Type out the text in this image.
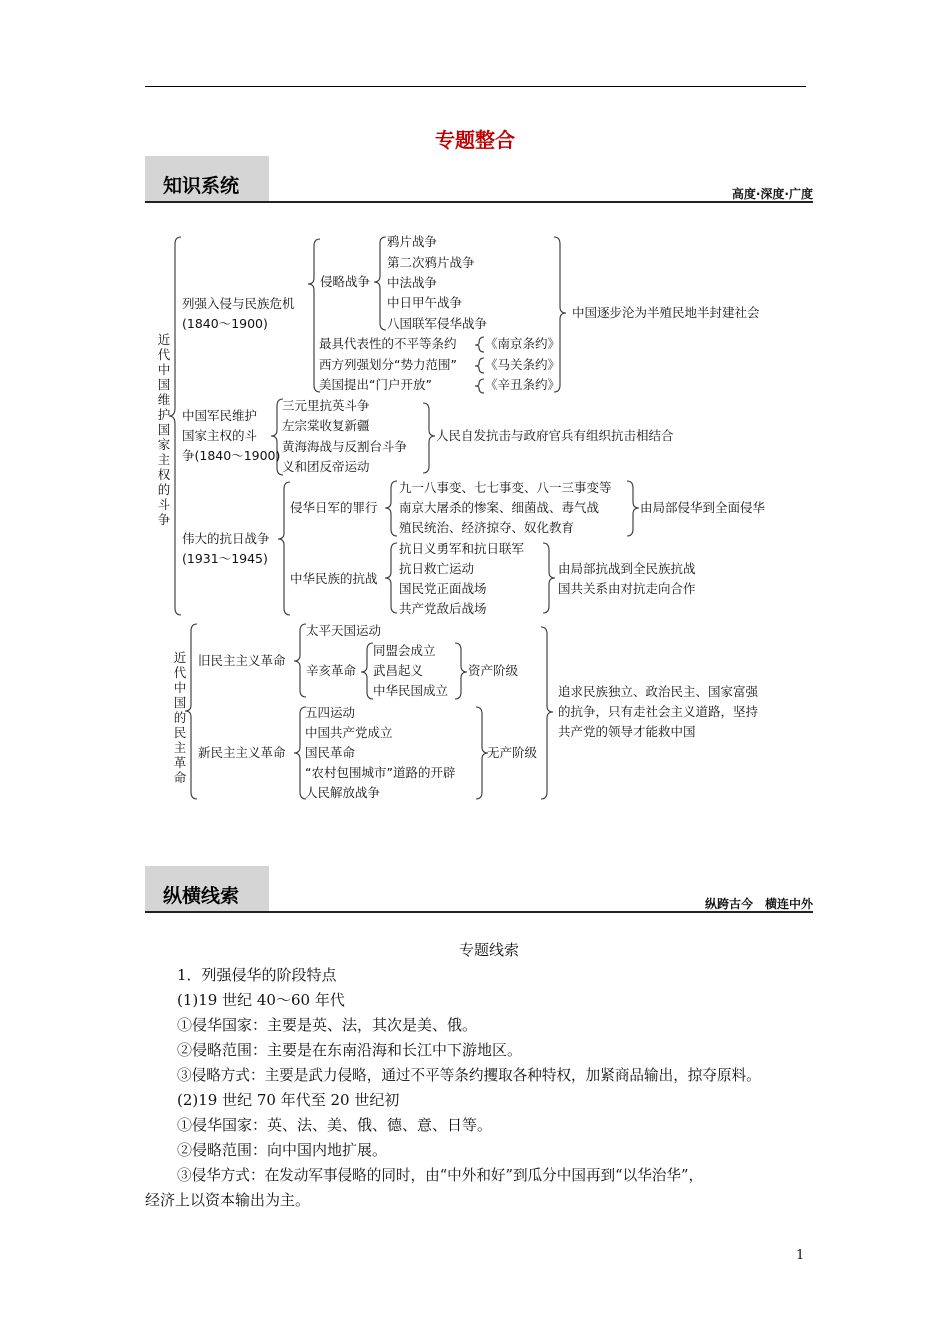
专题整合
知识系统	高度·深度·广度
近代中国维护国家主权的斗争
近代中国的民主革命
列强入侵与民族危机
(1840～1900)
侵略战争
鸦片战争
第二次鸦片战争
中法战争
中日甲午战争
八国联军侵华战争
最具代表性的不平等条约
西方列强划分“势力范围”
美国提出“门户开放”
《南京条约》
《马关条约》
《辛丑条约》
中国逐步沦为半殖民地半封建社会
中国军民维护
国家主权的斗
争(1840～1900)
三元里抗英斗争
左宗棠收复新疆
黄海海战与反割台斗争
义和团反帝运动
人民自发抗击与政府官兵有组织抗击相结合
伟大的抗日战争
(1931～1945)
侵华日军的罪行
九一八事变、七七事变、八一三事变等
南京大屠杀的惨案、细菌战、毒气战
殖民统治、经济掠夺、奴化教育
由局部侵华到全面侵华
中华民族的抗战
抗日义勇军和抗日联军
抗日救亡运动
国民党正面战场
共产党敌后战场
由局部抗战到全民族抗战
国共关系由对抗走向合作
旧民主主义革命
太平天国运动
辛亥革命
同盟会成立
武昌起义
中华民国成立
资产阶级
新民主主义革命
五四运动
中国共产党成立
国民革命
“农村包围城市”道路的开辟
人民解放战争
无产阶级
追求民族独立、政治民主、国家富强
的抗争，只有走社会主义道路，坚持
共产党的领导才能救中国
纵横线索	纵跨古今　横连中外
专题线索
1．列强侵华的阶段特点
(1)19 世纪 40～60 年代
①侵华国家：主要是英、法，其次是美、俄。
②侵略范围：主要是在东南沿海和长江中下游地区。
③侵略方式：主要是武力侵略，通过不平等条约攫取各种特权，加紧商品输出，掠夺原料。
(2)19 世纪 70 年代至 20 世纪初
①侵华国家：英、法、美、俄、德、意、日等。
②侵略范围：向中国内地扩展。
③侵华方式：在发动军事侵略的同时，由“中外和好”到瓜分中国再到“以华治华”，
经济上以资本输出为主。
1
